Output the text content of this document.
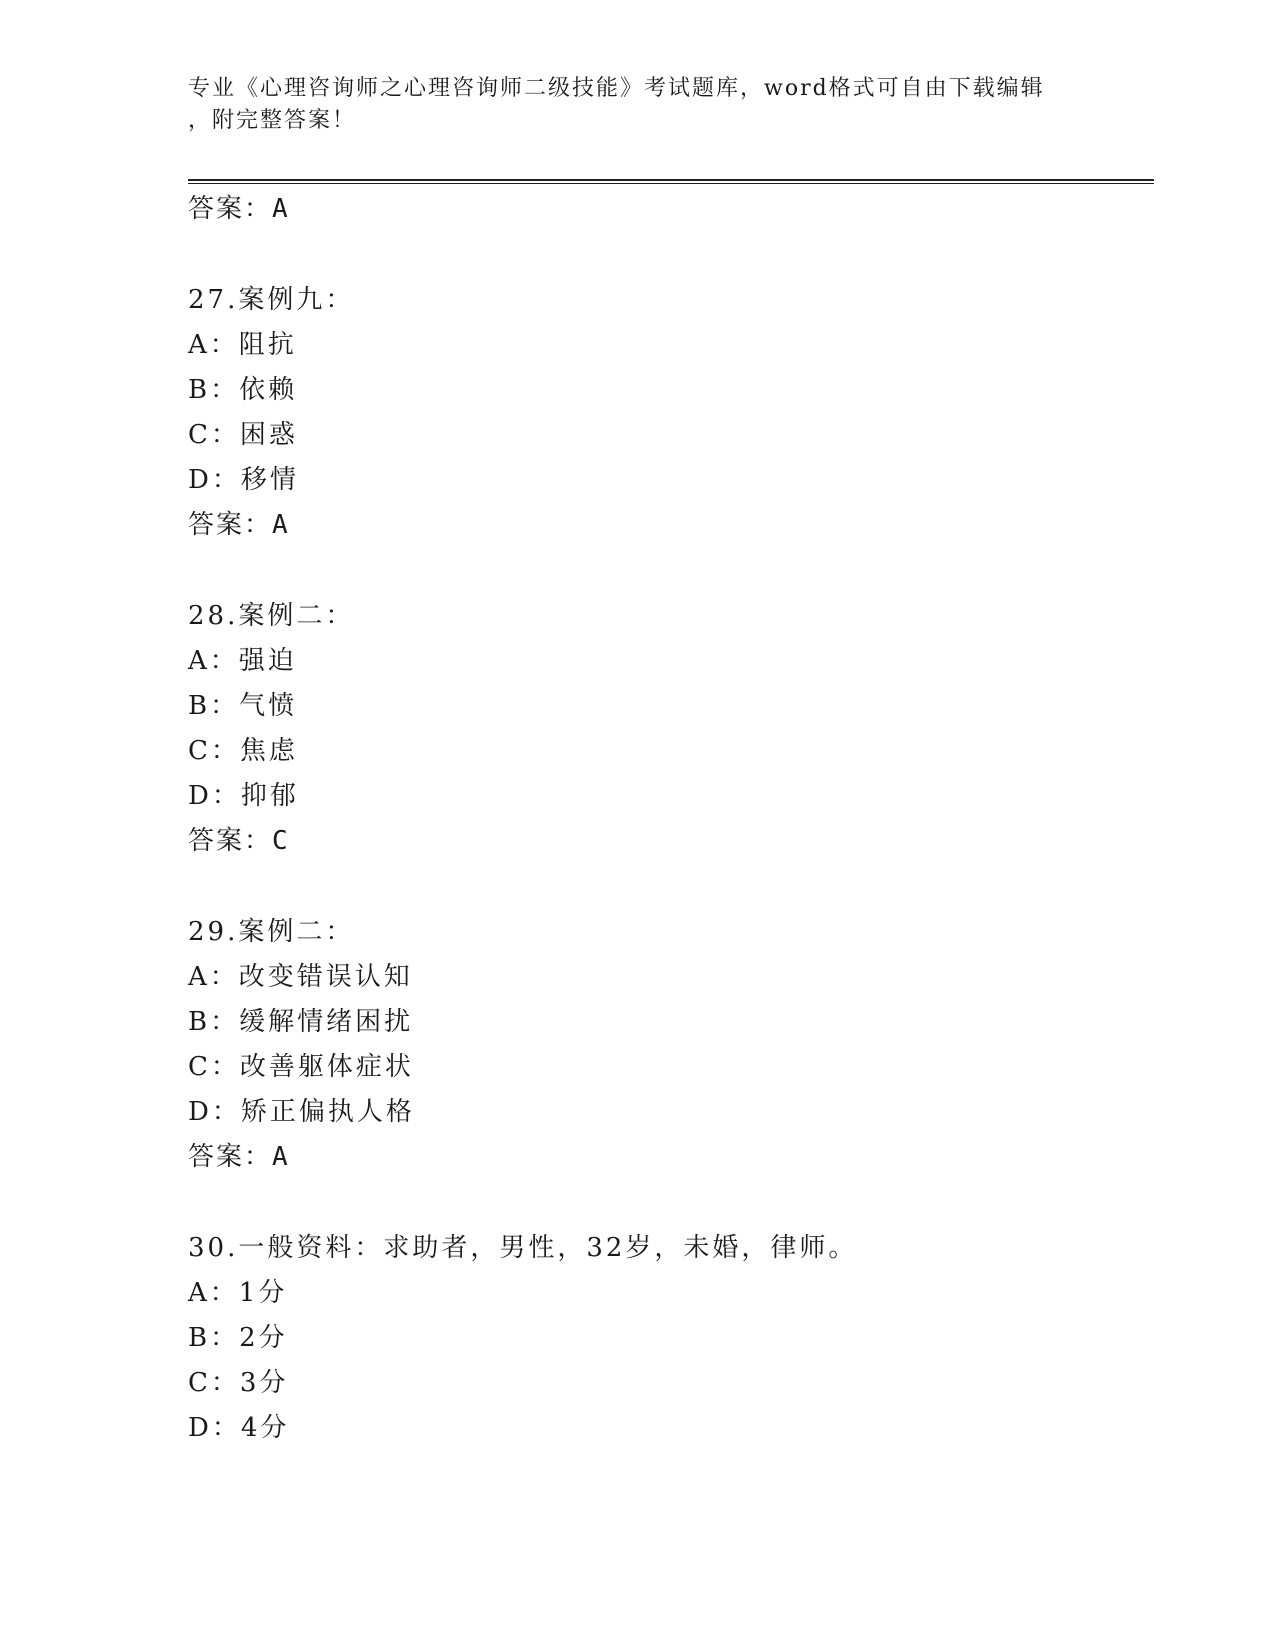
专业《心理咨询师之心理咨询师二级技能》考试题库，word格式可自由下载编辑
，附完整答案！
答案：A
27.案例九：
A：阻抗
B：依赖
C：困惑
D：移情
答案：A
28.案例二：
A：强迫
B：气愤
C：焦虑
D：抑郁
答案：C
29.案例二：
A：改变错误认知
B：缓解情绪困扰
C：改善躯体症状
D：矫正偏执人格
答案：A
30.一般资料：求助者，男性，32岁，未婚，律师。
A：1分
B：2分
C：3分
D：4分
